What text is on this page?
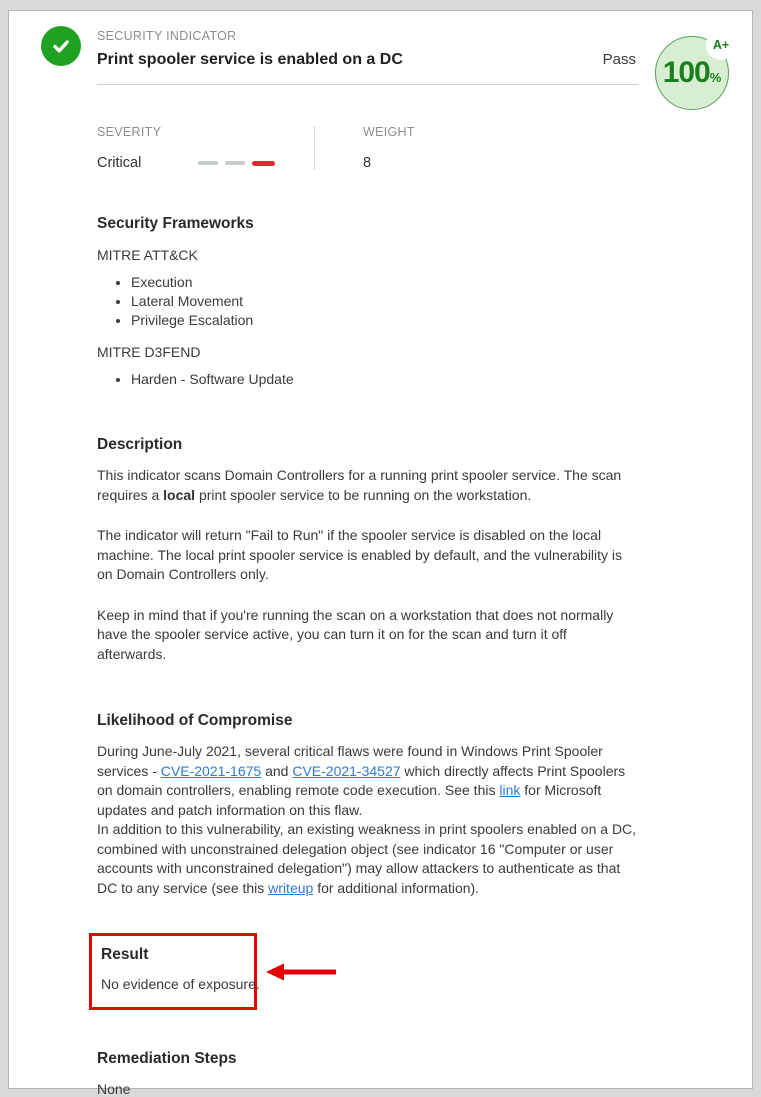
SECURITY INDICATOR
Print spooler service is enabled on a DC	Pass 100 %
A+
SEVERITY
Critical
WEIGHT
8
Security Frameworks
MITRE ATT&CK
• Execution
• Lateral Movement
• Privilege Escalation
MITRE D3FEND
• Harden - Software Update
Description

This indicator scans Domain Controllers for a running print spooler service. The scan requires a local print spooler service to be running on the workstation.

The indicator will return "Fail to Run" if the spooler service is disabled on the local machine. The local print spooler service is enabled by default, and the vulnerability is on Domain Controllers only.

Keep in mind that if you're running the scan on a workstation that does not normally have the spooler service active, you can turn it on for the scan and turn it off afterwards.

Likelihood of Compromise

During June-July 2021, several critical flaws were found in Windows Print Spooler services - CVE-2021-1675 and CVE-2021-34527 which directly affects Print Spoolers on domain controllers, enabling remote code execution. See this link for Microsoft updates and patch information on this flaw.

In addition to this vulnerability, an existing weakness in print spoolers enabled on a DC, combined with unconstrained delegation object (see indicator 16 "Computer or user accounts with unconstrained delegation") may allow attackers to authenticate as that DC to any service (see this writeup for additional information).

Result
No evidence of exposure.
Remediation Steps
None
